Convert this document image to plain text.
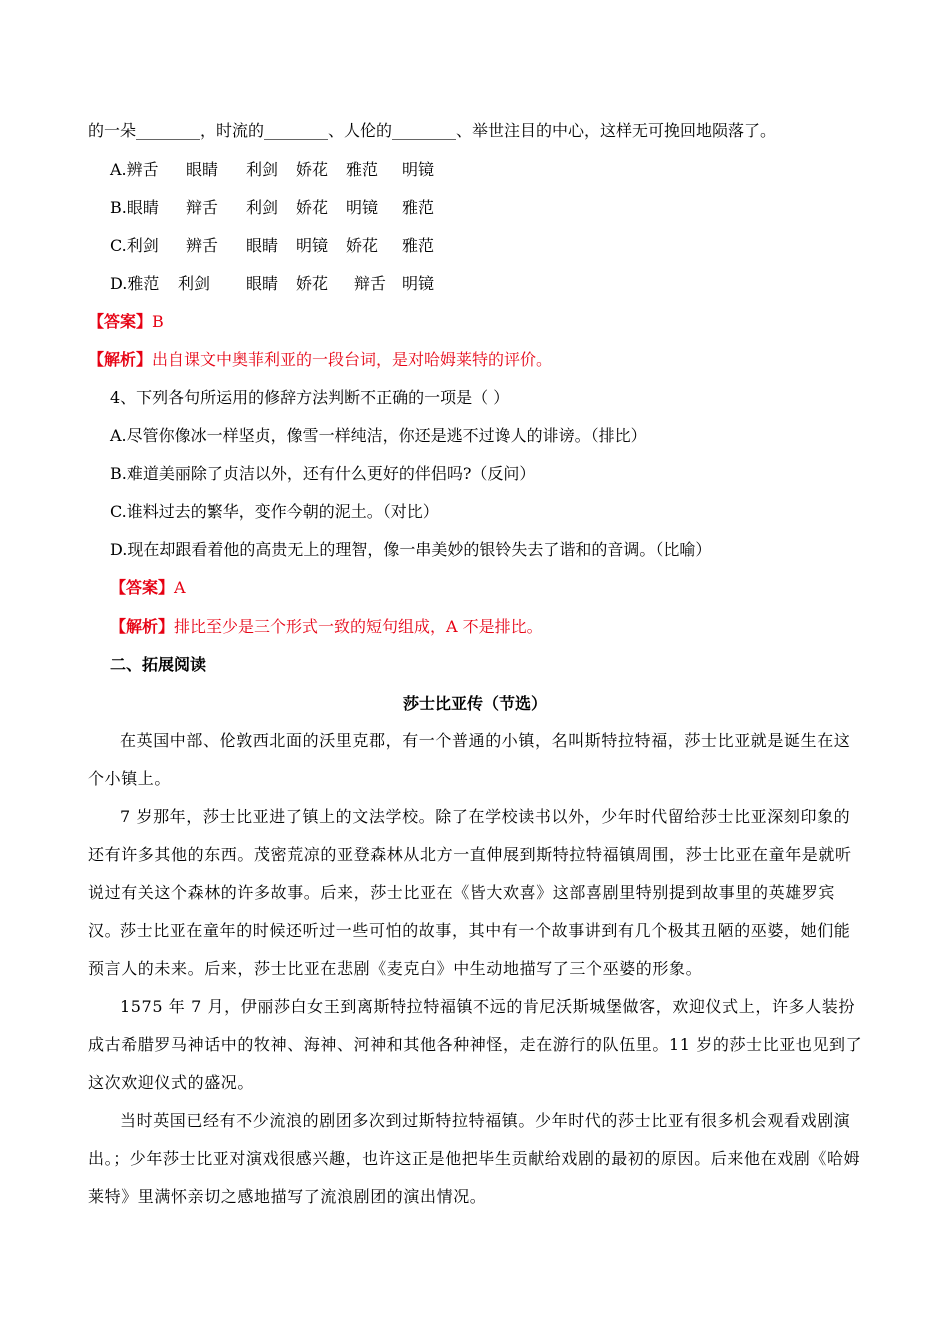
的一朵________，时流的________、人伦的________、举世注目的中心，这样无可挽回地陨落了。
A.辨舌 眼睛 利剑 娇花 雅范 明镜
B.眼睛 辩舌 利剑 娇花 明镜 雅范
C.利剑 辨舌 眼睛 明镜 娇花 雅范
D.雅范 利剑 眼睛 娇花 辩舌 明镜
【答案】B
【解析】出自课文中奥菲利亚的一段台词，是对哈姆莱特的评价。
4、下列各句所运用的修辞方法判断不正确的一项是（ ）
A.尽管你像冰一样坚贞，像雪一样纯洁，你还是逃不过谗人的诽谤。（排比）
B.难道美丽除了贞洁以外，还有什么更好的伴侣吗?（反问）
C.谁料过去的繁华，变作今朝的泥土。（对比）
D.现在却跟看着他的高贵无上的理智，像一串美妙的银铃失去了谐和的音调。（比喻）
【答案】A
【解析】排比至少是三个形式一致的短句组成，A 不是排比。
二、拓展阅读
莎士比亚传（节选）
在英国中部、伦敦西北面的沃里克郡，有一个普通的小镇，名叫斯特拉特福，莎士比亚就是诞生在这个小镇上。
7 岁那年，莎士比亚进了镇上的文法学校。除了在学校读书以外，少年时代留给莎士比亚深刻印象的还有许多其他的东西。茂密荒凉的亚登森林从北方一直伸展到斯特拉特福镇周围，莎士比亚在童年是就听说过有关这个森林的许多故事。后来，莎士比亚在《皆大欢喜》这部喜剧里特别提到故事里的英雄罗宾汉。
莎士比亚在童年的时候还听过一些可怕的故事，其中有一个故事讲到有几个极其丑陋的巫婆，她们能预言人的未来。后来，莎士比亚在悲剧《麦克白》中生动地描写了三个巫婆的形象。
1575 年 7 月，伊丽莎白女王到离斯特拉特福镇不远的肯尼沃斯城堡做客，欢迎仪式上，许多人装扮成古希腊罗马神话中的牧神、海神、河神和其他各种神怪，走在游行的队伍里。11 岁的莎士比亚也见到了这次欢迎仪式的盛况。
当时英国已经有不少流浪的剧团多次到过斯特拉特福镇。少年时代的莎士比亚有很多机会观看戏剧演出。；少年莎士比亚对演戏很感兴趣，也许这正是他把毕生贡献给戏剧的最初的原因。后来他在戏剧《哈姆莱特》里满怀亲切之感地描写了流浪剧团的演出情况。
